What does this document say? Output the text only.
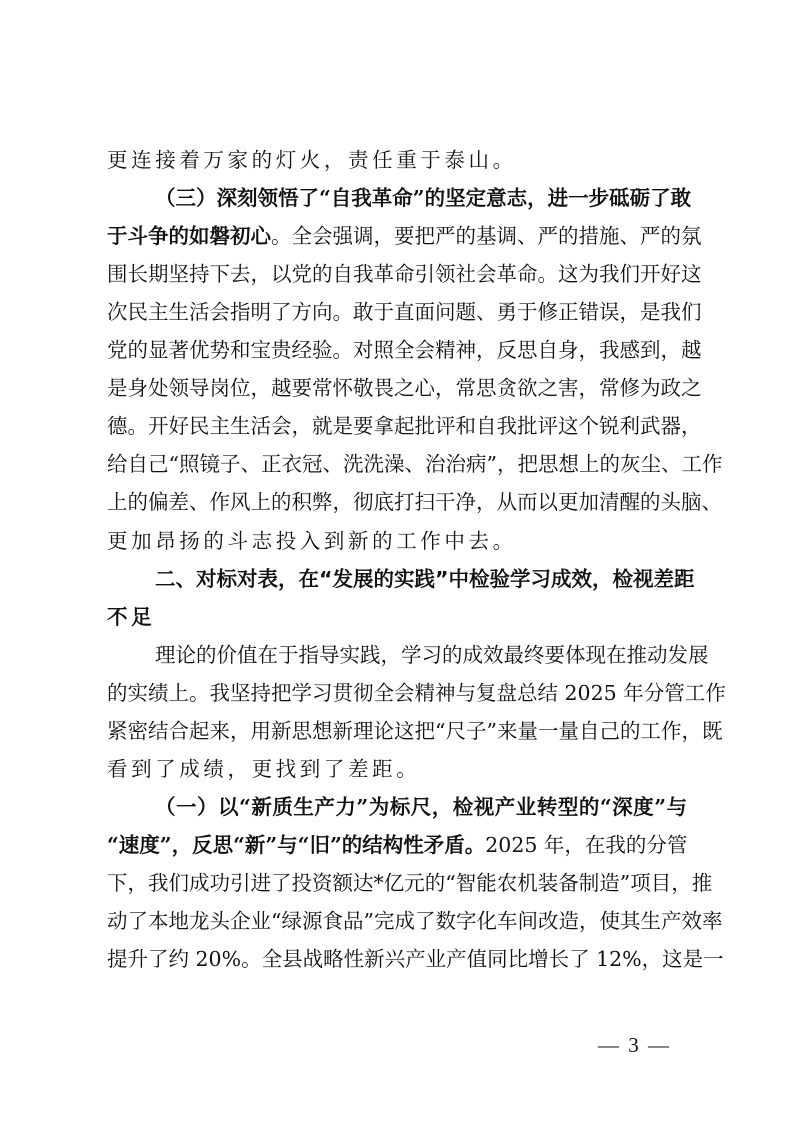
更连接着万家的灯火，责任重于泰山。
（三）深刻领悟了“自我革命”的坚定意志，进一步砥砺了敢
于斗争的如磐初心。全会强调，要把严的基调、严的措施、严的氛
围长期坚持下去，以党的自我革命引领社会革命。这为我们开好这
次民主生活会指明了方向。敢于直面问题、勇于修正错误，是我们
党的显著优势和宝贵经验。对照全会精神，反思自身，我感到，越
是身处领导岗位，越要常怀敬畏之心，常思贪欲之害，常修为政之
德。开好民主生活会，就是要拿起批评和自我批评这个锐利武器，
给自己“照镜子、正衣冠、洗洗澡、治治病”，把思想上的灰尘、工作
上的偏差、作风上的积弊，彻底打扫干净，从而以更加清醒的头脑、
更加昂扬的斗志投入到新的工作中去。
二、对标对表，在“发展的实践”中检验学习成效，检视差距
不足
理论的价值在于指导实践，学习的成效最终要体现在推动发展
的实绩上。我坚持把学习贯彻全会精神与复盘总结 2025 年分管工作
紧密结合起来，用新思想新理论这把“尺子”来量一量自己的工作，既
看到了成绩，更找到了差距。
（一）以“新质生产力”为标尺，检视产业转型的“深度”与
“速度”，反思“新”与“旧”的结构性矛盾。2025 年，在我的分管
下，我们成功引进了投资额达*亿元的“智能农机装备制造”项目，推
动了本地龙头企业“绿源食品”完成了数字化车间改造，使其生产效率
提升了约 20%。全县战略性新兴产业产值同比增长了 12%，这是一
— 3 —
